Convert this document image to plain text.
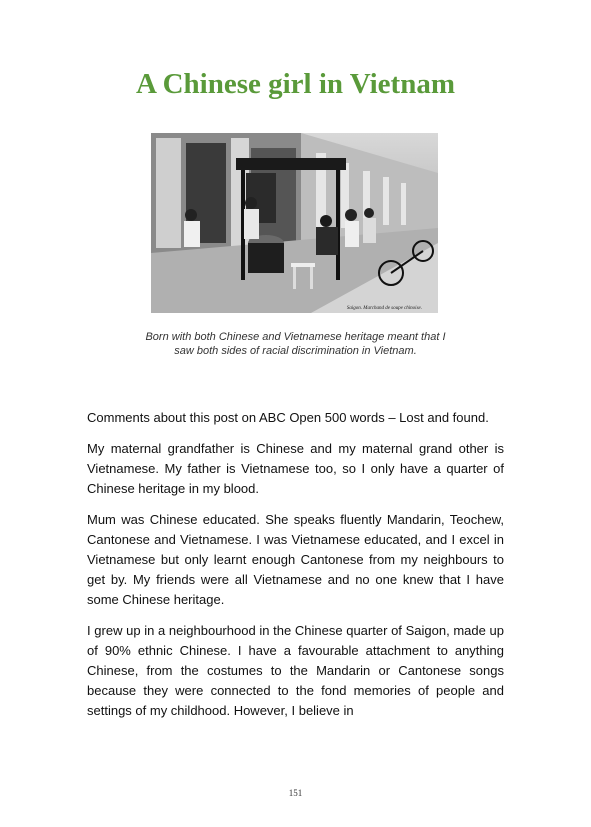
A Chinese girl in Vietnam
Saigon. Marchand de soupe chinoise.
Born with both Chinese and Vietnamese heritage meant that I saw both sides of racial discrimination in Vietnam.

Comments about this post on ABC Open 500 words – Lost and found.

My maternal grandfather is Chinese and my maternal grand other is Vietnamese. My father is Vietnamese too, so I only have a quarter of Chinese heritage in my blood.

Mum was Chinese educated. She speaks fluently Mandarin, Teochew, Cantonese and Vietnamese. I was Vietnamese educated, and I excel in Vietnamese but only learnt enough Cantonese from my neighbours to get by. My friends were all Vietnamese and no one knew that I have some Chinese heritage.

I grew up in a neighbourhood in the Chinese quarter of Saigon, made up of 90% ethnic Chinese. I have a favourable attachment to anything Chinese, from the costumes to the Mandarin or Cantonese songs because they were connected to the fond memories of people and settings of my childhood. However, I believe in

151
